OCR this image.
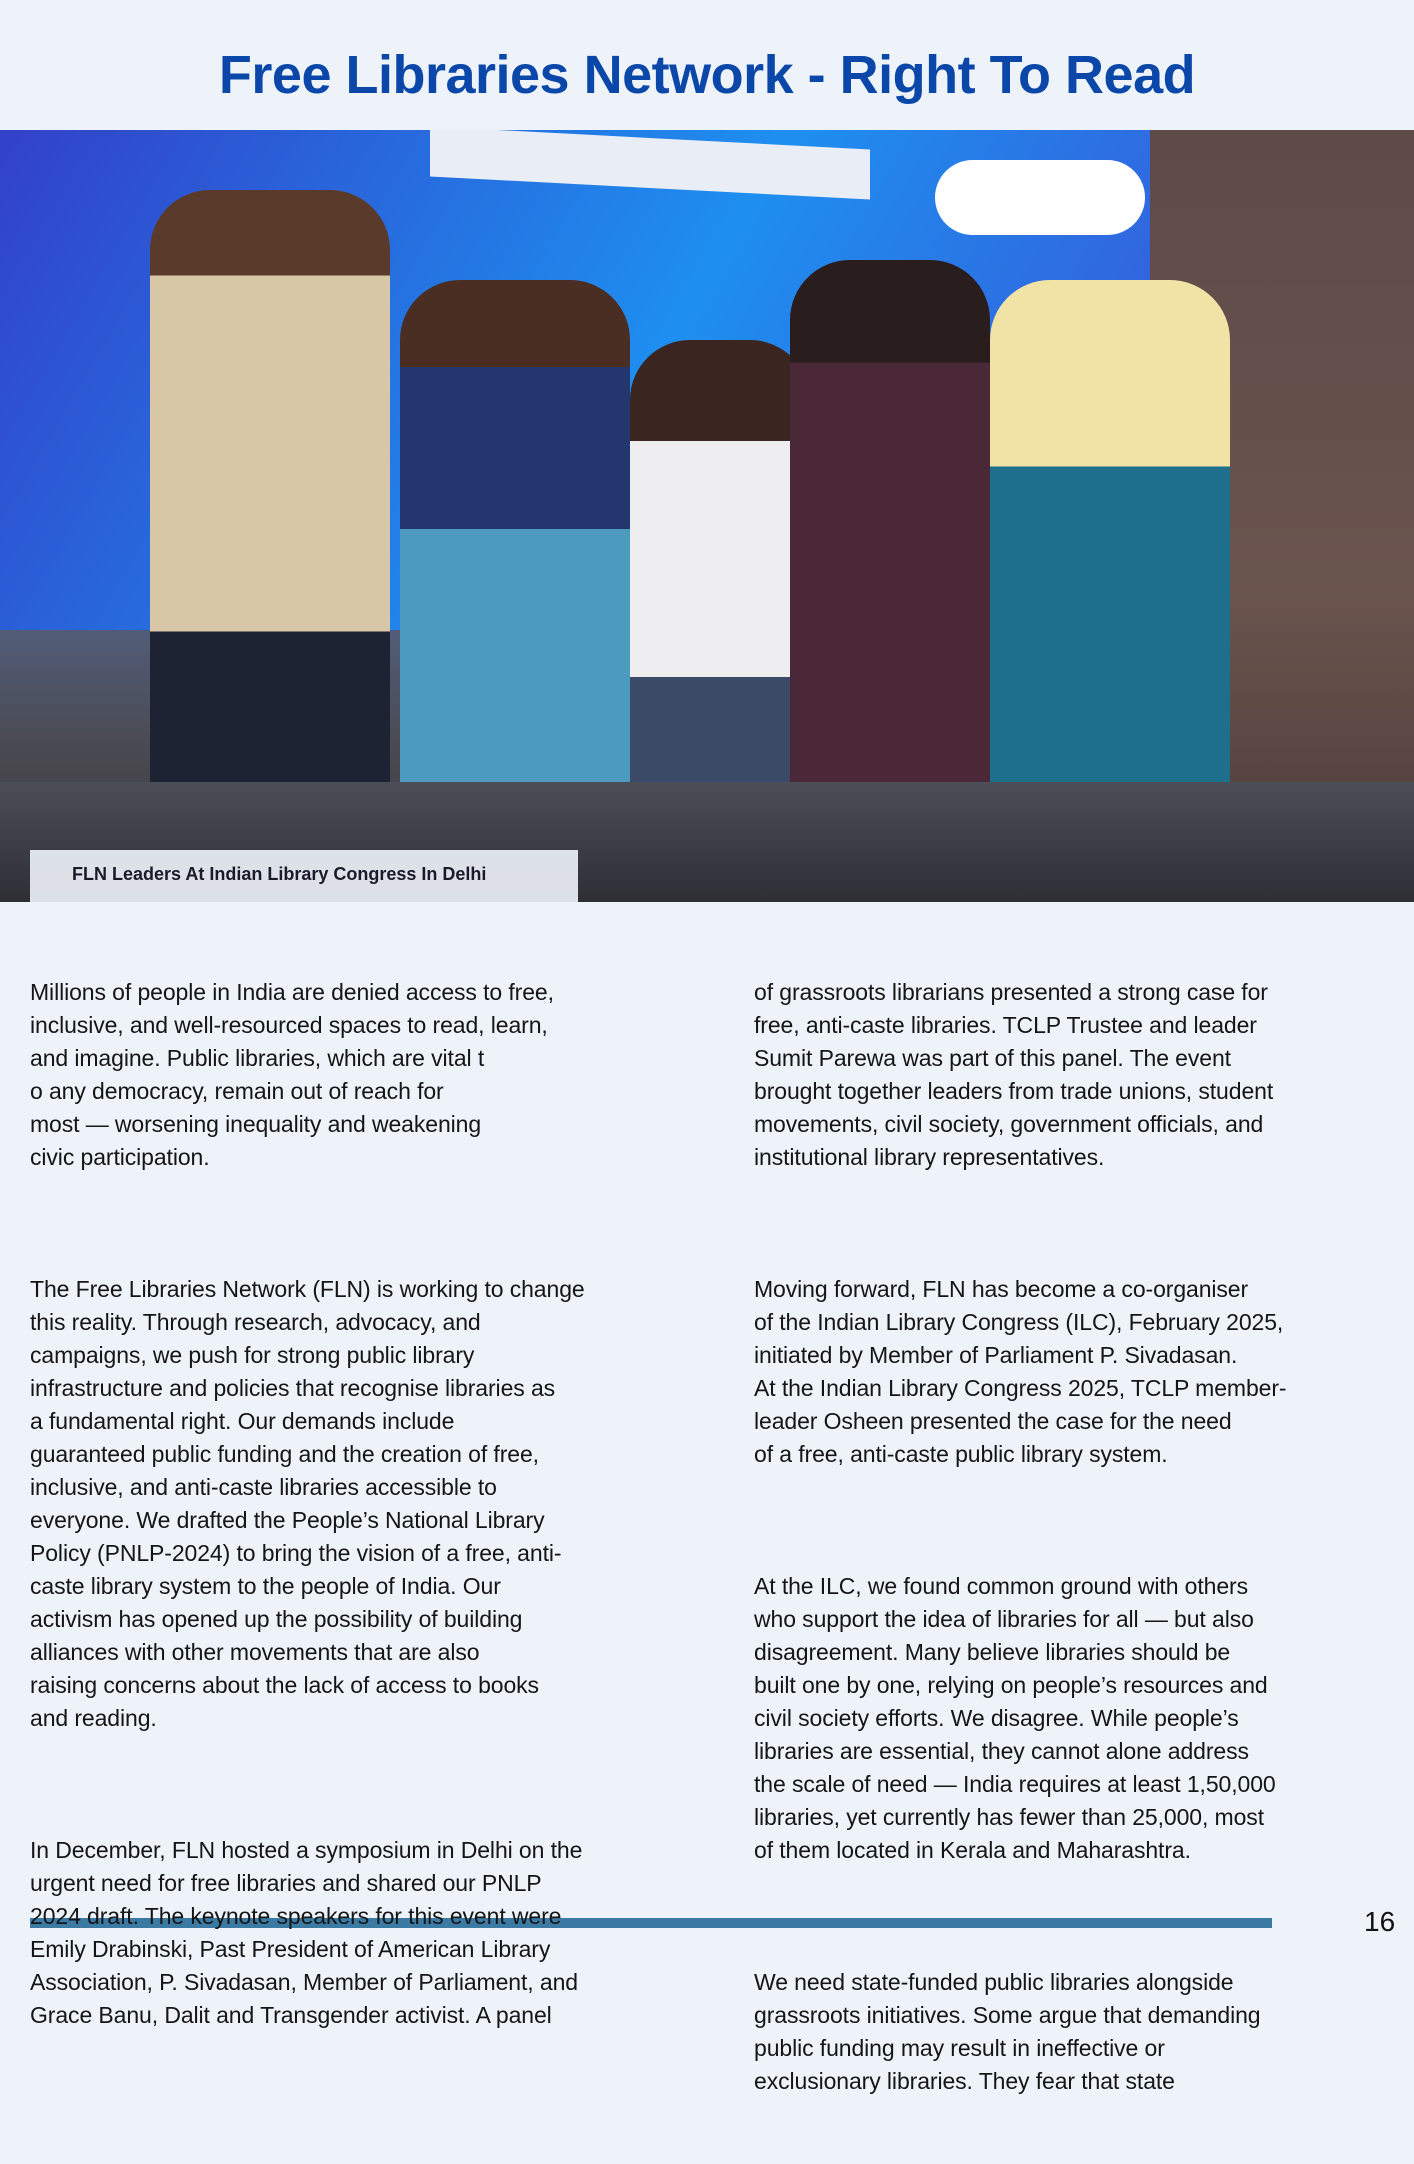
Free Libraries Network - Right To Read
FLN Leaders At Indian Library Congress In Delhi

Millions of people in India are denied access to free,
inclusive, and well-resourced spaces to read, learn,
and imagine. Public libraries, which are vital t
o any democracy, remain out of reach for
most — worsening inequality and weakening
civic participation.

The Free Libraries Network (FLN) is working to change
this reality. Through research, advocacy, and
campaigns, we push for strong public library
infrastructure and policies that recognise libraries as
a fundamental right. Our demands include
guaranteed public funding and the creation of free,
inclusive, and anti-caste libraries accessible to
everyone. We drafted the People’s National Library
Policy (PNLP-2024) to bring the vision of a free, anti-
caste library system to the people of India. Our
activism has opened up the possibility of building
alliances with other movements that are also
raising concerns about the lack of access to books
and reading.

In December, FLN hosted a symposium in Delhi on the
urgent need for free libraries and shared our PNLP
2024 draft. The keynote speakers for this event were
Emily Drabinski, Past President of American Library
Association, P. Sivadasan, Member of Parliament, and
Grace Banu, Dalit and Transgender activist. A panel

of grassroots librarians presented a strong case for
free, anti-caste libraries. TCLP Trustee and leader
Sumit Parewa was part of this panel. The event
brought together leaders from trade unions, student
movements, civil society, government officials, and
institutional library representatives.

Moving forward, FLN has become a co-organiser
of the Indian Library Congress (ILC), February 2025,
initiated by Member of Parliament P. Sivadasan.
At the Indian Library Congress 2025, TCLP member-
leader Osheen presented the case for the need
of a free, anti-caste public library system.

At the ILC, we found common ground with others
who support the idea of libraries for all — but also
disagreement. Many believe libraries should be
built one by one, relying on people’s resources and
civil society efforts. We disagree. While people’s
libraries are essential, they cannot alone address
the scale of need — India requires at least 1,50,000
libraries, yet currently has fewer than 25,000, most
of them located in Kerala and Maharashtra.

We need state-funded public libraries alongside
grassroots initiatives. Some argue that demanding
public funding may result in ineffective or
exclusionary libraries. They fear that state

16
